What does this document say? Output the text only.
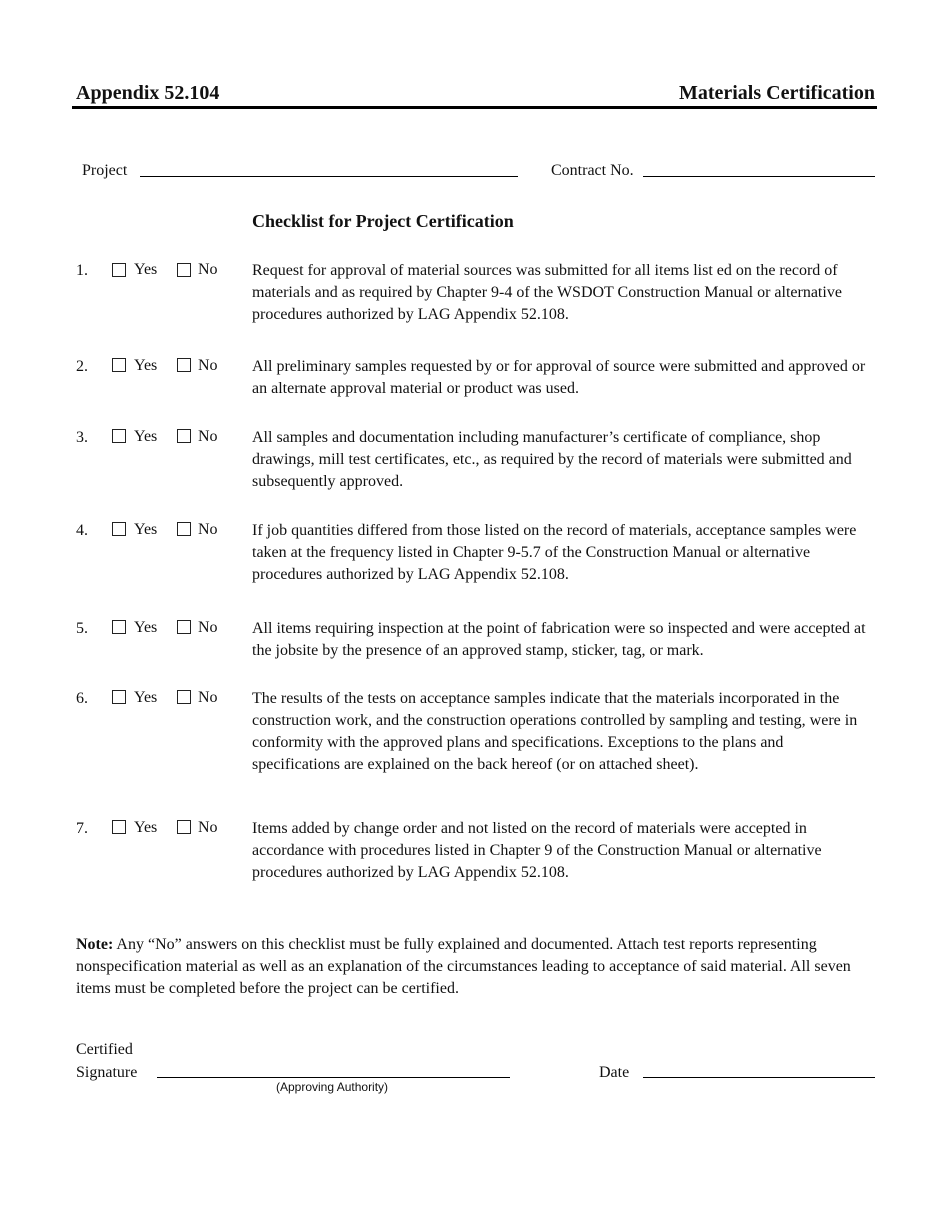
Appendix 52.104	Materials Certification
Project	Contract No.
Checklist for Project Certification
1.	Yes	No Request for approval of material sources was submitted for all items list ed on the record of materials and as required by Chapter 9-4 of the WSDOT Construction Manual or alternative procedures authorized by LAG Appendix 52.108.
2.	Yes	No All preliminary samples requested by or for approval of source were submitted and approved or an alternate approval material or product was used.
3.	Yes	No All samples and documentation including manufacturer’s certificate of compliance, shop drawings, mill test certificates, etc., as required by the record of materials were submitted and subsequently approved.
4.	Yes	No If job quantities differed from those listed on the record of materials, acceptance samples were taken at the frequency listed in Chapter 9-5.7 of the Construction Manual or alternative procedures authorized by LAG Appendix 52.108.
5.	Yes	No All items requiring inspection at the point of fabrication were so inspected and were accepted at the jobsite by the presence of an approved stamp, sticker, tag, or mark.
6.	Yes	No The results of the tests on acceptance samples indicate that the materials incorporated in the construction work, and the construction operations controlled by sampling and testing, were in conformity with the approved plans and specifications. Exceptions to the plans and specifications are explained on the back hereof (or on attached sheet).
7.	Yes	No Items added by change order and not listed on the record of materials were accepted in accordance with procedures listed in Chapter 9 of the Construction Manual or alternative procedures authorized by LAG Appendix 52.108.
Note: Any “No” answers on this checklist must be fully explained and documented. Attach test reports representing nonspecification material as well as an explanation of the circumstances leading to acceptance of said material. All seven items must be completed before the project can be certified.
Certified
Signature
(Approving Authority)
Date
